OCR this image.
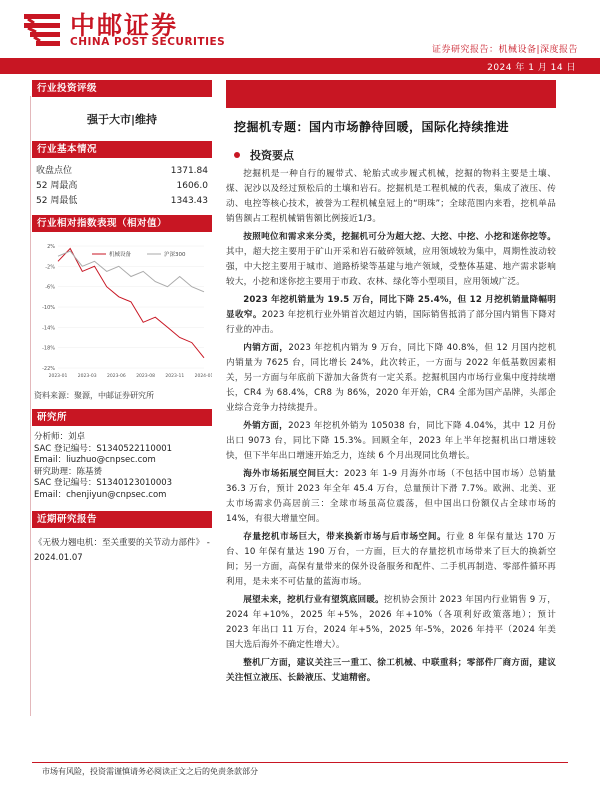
中邮证券
CHINA POST SECURITIES
证券研究报告：机械设备|深度报告
2024 年 1 月 14 日
行业投资评级
强于大市|维持
行业基本情况
收盘点位	1371.84
52 周最高	1606.0
52 周最低	1343.43
行业相对指数表现（相对值）
2%
-2%
-6%
-10%
-14%
-18%
-22%
2023-01 2023-03 2023-06 2023-08 2023-11 2024-01
机械设备	沪深300
资料来源：聚源，中邮证券研究所
研究所
分析师：刘卓
SAC 登记编号：S1340522110001
Email：liuzhuo@cnpsec.com
研究助理：陈基赟
SAC 登记编号：S1340123010003
Email：chenjiyun@cnpsec.com
近期研究报告
《无极力翘电机：至关重要的关节动力部件》 - 2024.01.07
挖掘机专题：国内市场静待回暖，国际化持续推进
投资要点
挖掘机是一种自行的履带式、轮胎式或步履式机械，挖掘的物料主要是土壤、煤、泥沙以及经过预松后的土壤和岩石。挖掘机是工程机械的代表，集成了液压、传动、电控等核心技术，被誉为工程机械皇冠上的“明珠”；全球范围内来看，挖机单品销售额占工程机械销售额比例接近1/3。
按照吨位和需求来分类，挖掘机可分为超大挖、大挖、中挖、小挖和迷你挖等。其中，超大挖主要用于矿山开采和岩石破碎领域，应用领域较为集中，周期性波动较强，中大挖主要用于城市、道路桥梁等基建与地产领域，受整体基建、地产需求影响较大，小挖和迷你挖主要用于市政、农林、绿化等小型项目，应用领域广泛。
2023 年挖机销量为 19.5 万台，同比下降 25.4%，但 12 月挖机销量降幅明显收窄。2023 年挖机行业外销首次超过内销，国际销售抵消了部分国内销售下降对行业的冲击。
内销方面，2023 年挖机内销为 9 万台，同比下降 40.8%，但 12 月国内挖机内销量为 7625 台，同比增长 24%，此次转正，一方面与 2022 年低基数因素相关，另一方面与年底前下游加大备货有一定关系。挖掘机国内市场行业集中度持续增长，CR4 为 68.4%，CR8 为 86%，2020 年开始，CR4 全部为国产品牌，头部企业综合竞争力持续提升。
外销方面，2023 年挖机外销为 105038 台，同比下降 4.04%，其中 12 月份出口 9073 台，同比下降 15.3%。回顾全年，2023 年上半年挖掘机出口增速较快，但下半年出口增速开始乏力，连续 6 个月出现同比负增长。
海外市场拓展空间巨大：2023 年 1-9 月海外市场（不包括中国市场）总销量 36.3 万台，预计 2023 年全年 45.4 万台，总量预计下滑 7.7%。欧洲、北美、亚太市场需求仍高居前三：全球市场虽高位震荡，但中国出口份额仅占全球市场的 14%，有很大增量空间。
存量挖机市场巨大，带来换新市场与后市场空间。行业 8 年保有量达 170 万台、10 年保有量达 190 万台，一方面，巨大的存量挖机市场带来了巨大的换新空间；另一方面，高保有量带来的保外设备服务和配件、二手机再制造、零部件循环再利用，是未来不可估量的蓝海市场。
展望未来，挖机行业有望筑底回暖。挖机协会预计 2023 年国内行业销售 9 万，2024 年+10%，2025 年+5%，2026 年+10%（各项利好政策落地）；预计 2023 年出口 11 万台，2024 年+5%，2025 年-5%，2026 年持平（2024 年美国大选后海外不确定性增大）。
整机厂方面，建议关注三一重工、徐工机械、中联重科；零部件厂商方面，建议关注恒立液压、长龄液压、艾迪精密。
市场有风险，投资需谨慎请务必阅读正文之后的免责条款部分
